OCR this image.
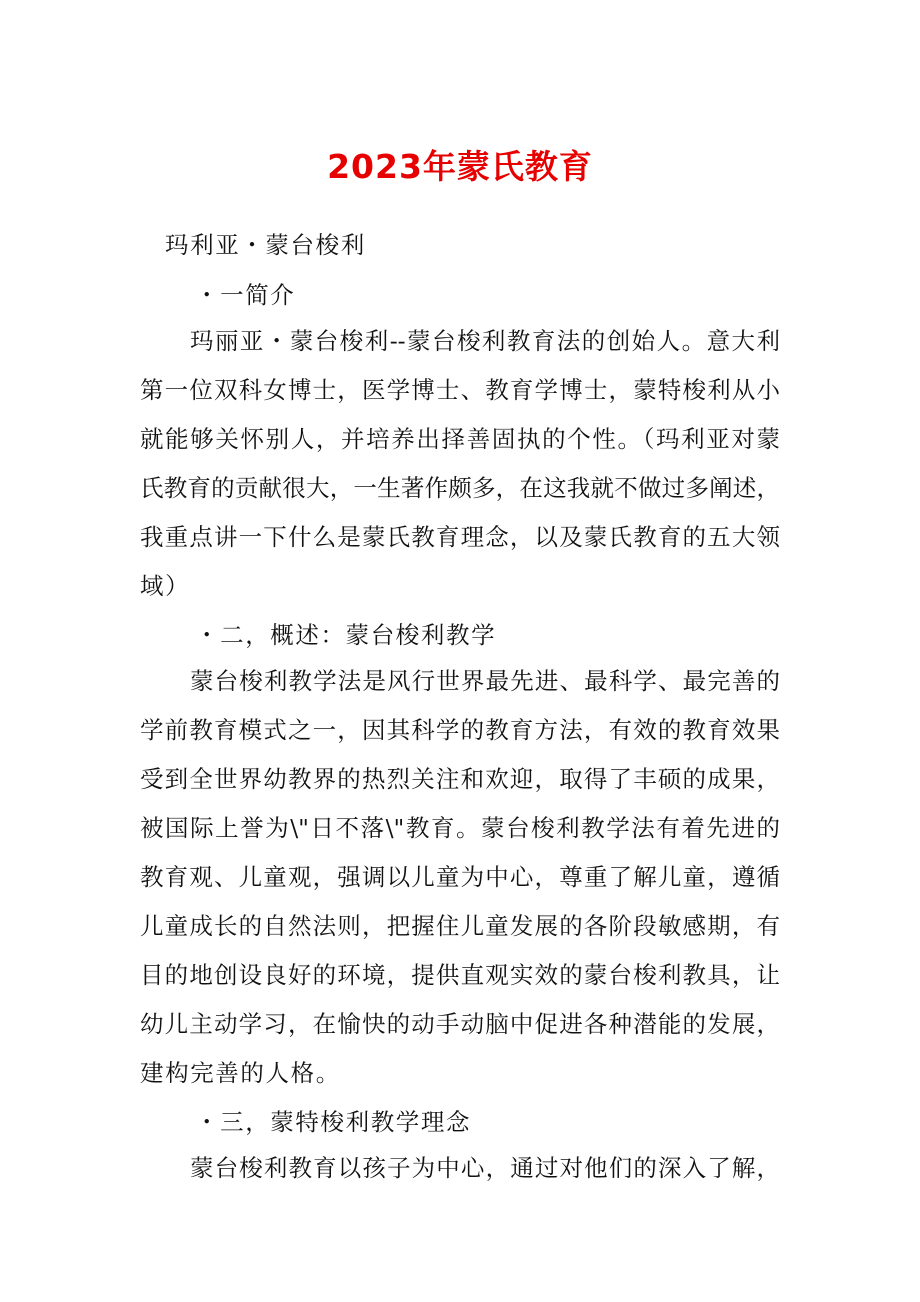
2023年蒙氏教育
玛利亚・蒙台梭利
・一简介
玛丽亚・蒙台梭利--蒙台梭利教育法的创始人。意大利
第一位双科女博士，医学博士、教育学博士，蒙特梭利从小
就能够关怀别人，并培养出择善固执的个性。（玛利亚对蒙
氏教育的贡献很大，一生著作颇多，在这我就不做过多阐述，
我重点讲一下什么是蒙氏教育理念，以及蒙氏教育的五大领
域）
・二，概述：蒙台梭利教学
蒙台梭利教学法是风行世界最先进、最科学、最完善的
学前教育模式之一，因其科学的教育方法，有效的教育效果
受到全世界幼教界的热烈关注和欢迎，取得了丰硕的成果，
被国际上誉为\"日不落\"教育。蒙台梭利教学法有着先进的
教育观、儿童观，强调以儿童为中心，尊重了解儿童，遵循
儿童成长的自然法则，把握住儿童发展的各阶段敏感期，有
目的地创设良好的环境，提供直观实效的蒙台梭利教具，让
幼儿主动学习，在愉快的动手动脑中促进各种潜能的发展，
建构完善的人格。
・三，蒙特梭利教学理念
蒙台梭利教育以孩子为中心，通过对他们的深入了解，
